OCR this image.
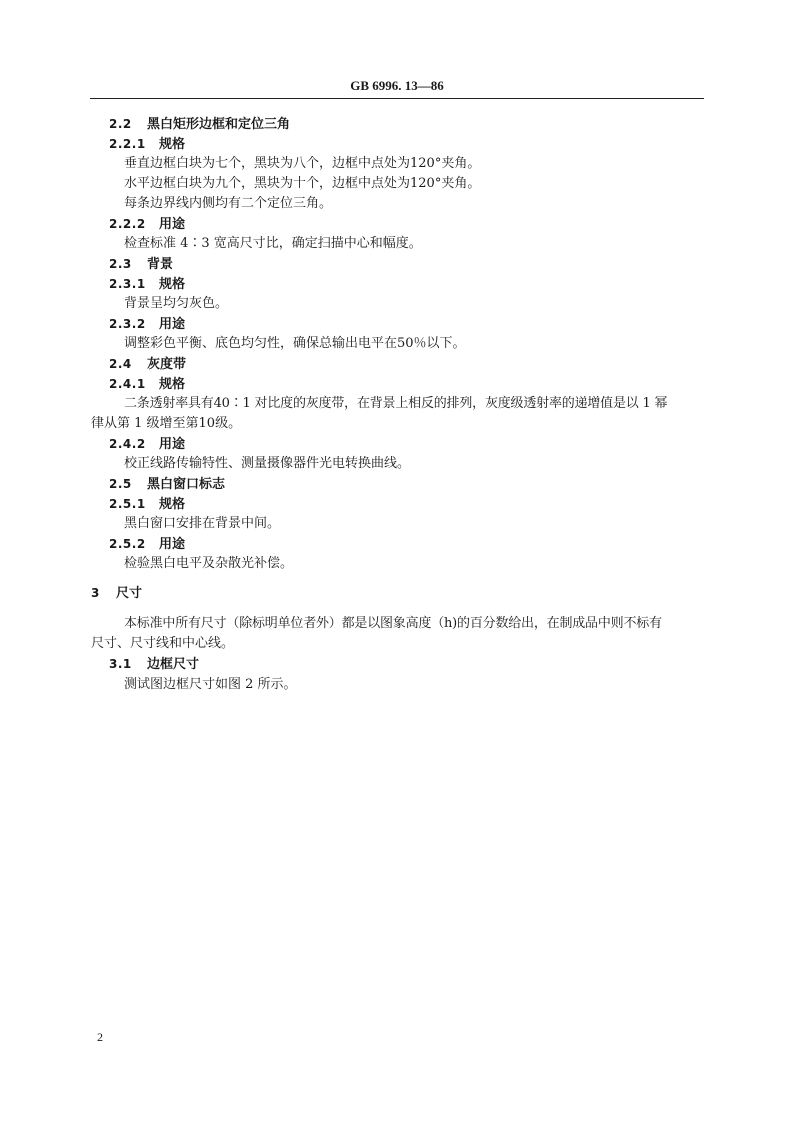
GB 6996. 13—86
2.2 黑白矩形边框和定位三角
2.2.1 规格
垂直边框白块为七个，黑块为八个，边框中点处为120°夹角。
水平边框白块为九个，黑块为十个，边框中点处为120°夹角。
每条边界线内侧均有二个定位三角。
2.2.2 用途
检查标准 4∶3 宽高尺寸比，确定扫描中心和幅度。
2.3 背景
2.3.1 规格
背景呈均匀灰色。
2.3.2 用途
调整彩色平衡、底色均匀性，确保总输出电平在50％以下。
2.4 灰度带
2.4.1 规格
二条透射率具有40∶1 对比度的灰度带，在背景上相反的排列，灰度级透射率的递增值是以 1 幂
律从第 1 级增至第10级。
2.4.2 用途
校正线路传输特性、测量摄像器件光电转换曲线。
2.5 黑白窗口标志
2.5.1 规格
黑白窗口安排在背景中间。
2.5.2 用途
检验黑白电平及杂散光补偿。
3 尺寸
本标准中所有尺寸（除标明单位者外）都是以图象高度（h)的百分数给出，在制成品中则不标有
尺寸、尺寸线和中心线。
3.1 边框尺寸
测试图边框尺寸如图 2 所示。
2
